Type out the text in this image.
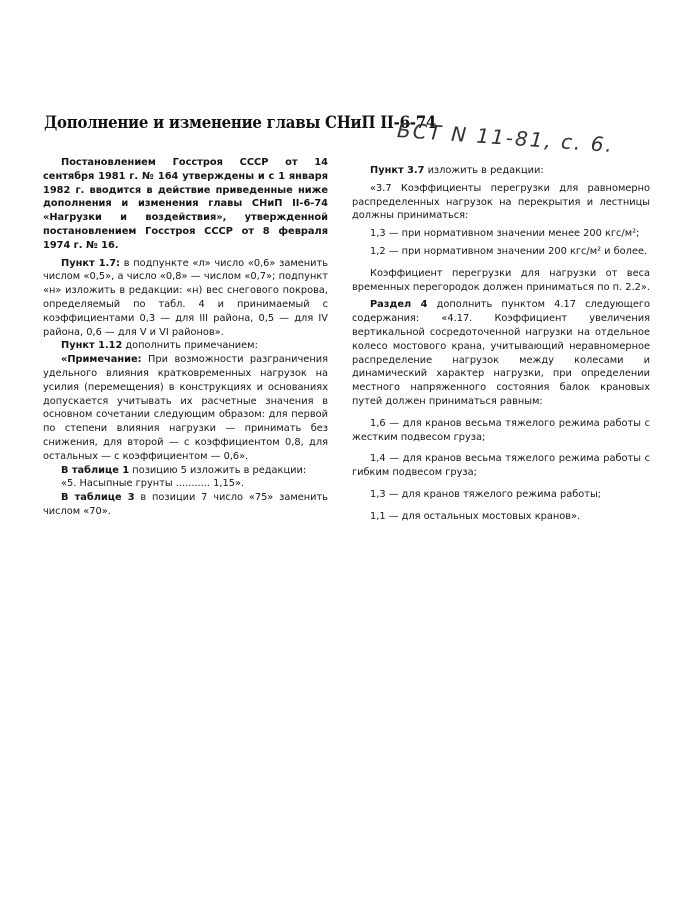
Дополнение и изменение главы СНиП II-6-74
БСТ N 11-81, с. 6.

Постановлением Госстроя СССР от 14 сентября 1981 г. № 164 утверждены и с 1 января 1982 г. вводится в действие приведенные ниже дополнения и изменения главы СНиП II-6-74 «Нагрузки и воздействия», утвержденной постановлением Госстроя СССР от 8 февраля 1974 г. № 16.

Пункт 1.7: в подпункте «л» число «0,6» заменить числом «0,5», а число «0,8» — числом «0,7»; подпункт «н» изложить в редакции: «н) вес снегового покрова, определяемый по табл. 4 и принимаемый с коэффициентами 0,3 — для III района, 0,5 — для IV района, 0,6 — для V и VI районов».

Пункт 1.12 дополнить примечанием:

«Примечание: При возможности разграничения удельного влияния кратковременных нагрузок на усилия (перемещения) в конструкциях и основаниях допускается учитывать их расчетные значения в основном сочетании следующим образом: для первой по степени влияния нагрузки — принимать без снижения, для второй — с коэффициентом 0,8, для остальных — с коэффициентом — 0,6».

В таблице 1 позицию 5 изложить в редакции:

«5. Насыпные грунты ........... 1,15».

В таблице 3 в позиции 7 число «75» заменить числом «70».

Пункт 3.7 изложить в редакции:

«3.7 Коэффициенты перегрузки для равномерно распределенных нагрузок на перекрытия и лестницы должны приниматься:

1,3 — при нормативном значении менее 200 кгс/м²;

1,2 — при нормативном значении 200 кгс/м² и более.

Коэффициент перегрузки для нагрузки от веса временных перегородок должен приниматься по п. 2.2».

Раздел 4 дополнить пунктом 4.17 следующего содержания: «4.17. Коэффициент увеличения вертикальной сосредоточенной нагрузки на отдельное колесо мостового крана, учитывающий неравномерное распределение нагрузок между колесами и динамический характер нагрузки, при определении местного напряженного состояния балок крановых путей должен приниматься равным:

1,6 — для кранов весьма тяжелого режима работы с жестким подвесом груза;

1,4 — для кранов весьма тяжелого режима работы с гибким подвесом груза;

1,3 — для кранов тяжелого режима работы;

1,1 — для остальных мостовых кранов».
